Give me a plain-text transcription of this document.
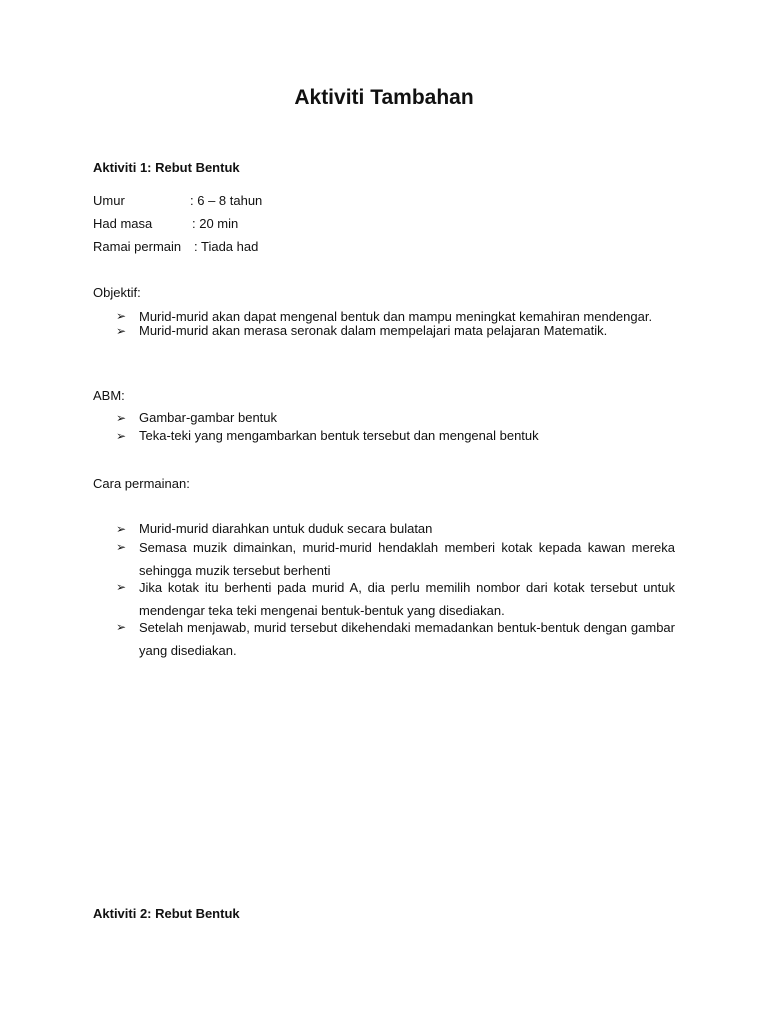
Aktiviti Tambahan
Aktiviti 1: Rebut Bentuk
Umur	: 6 – 8 tahun
Had masa	: 20 min
Ramai permain : Tiada had

Objektif:

➢ Murid-murid akan dapat mengenal bentuk dan mampu meningkat kemahiran mendengar.
➢ Murid-murid akan merasa seronak dalam mempelajari mata pelajaran Matematik.

ABM:

➢ Gambar-gambar bentuk
➢ Teka-teki yang mengambarkan bentuk tersebut dan mengenal bentuk

Cara permainan:

➢ Murid-murid diarahkan untuk duduk secara bulatan
➢ Semasa muzik dimainkan, murid-murid hendaklah memberi kotak kepada kawan mereka sehingga muzik tersebut berhenti
➢ Jika kotak itu berhenti pada murid A, dia perlu memilih nombor dari kotak tersebut untuk mendengar teka teki mengenai bentuk-bentuk yang disediakan.
➢ Setelah menjawab, murid tersebut dikehendaki memadankan bentuk-bentuk dengan gambar yang disediakan.
Aktiviti 2: Rebut Bentuk
